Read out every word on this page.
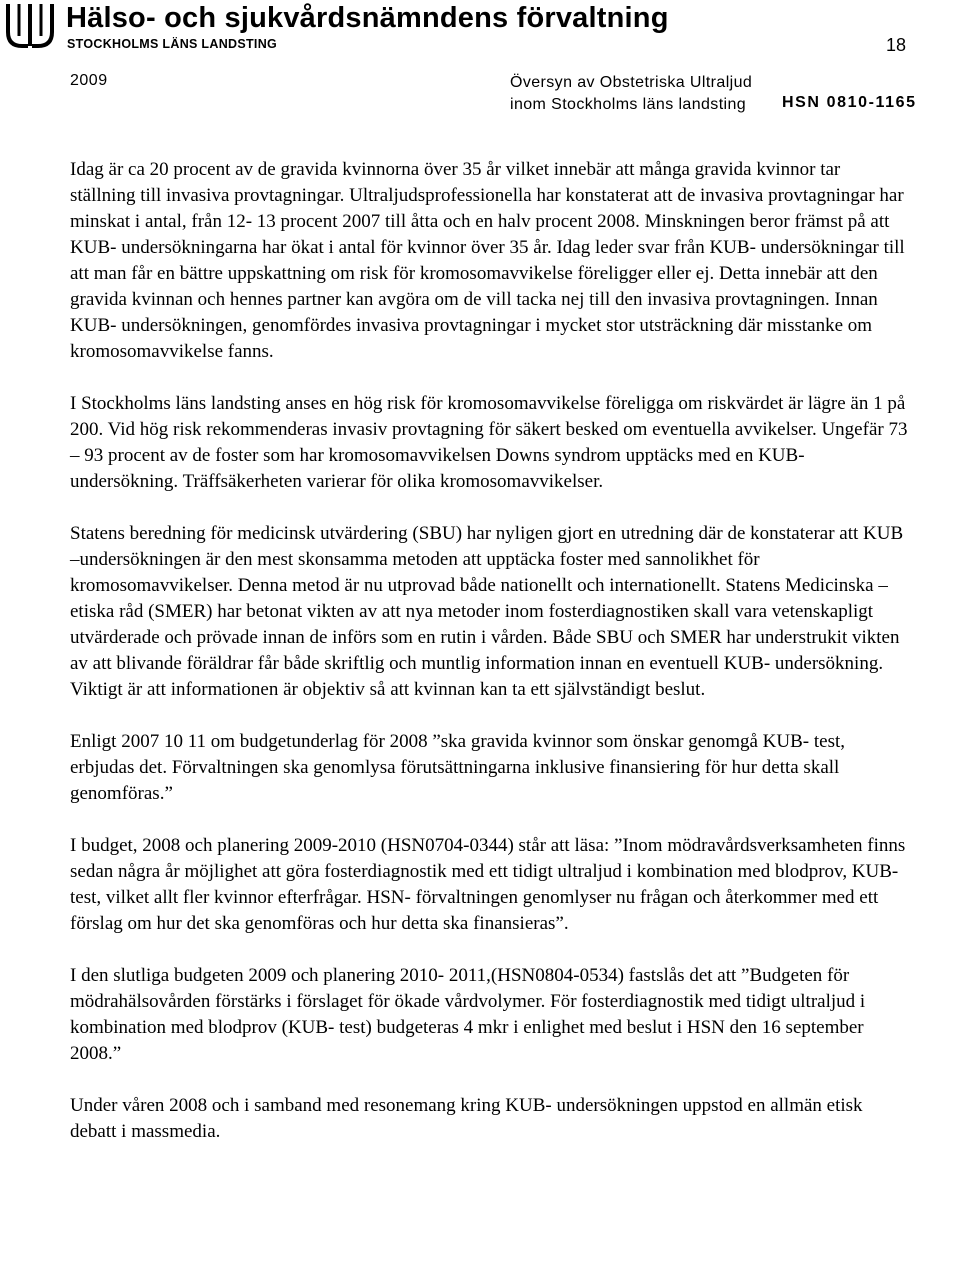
Hälso- och sjukvårdsnämndens förvaltning
STOCKHOLMS LÄNS LANDSTING	18
2009	Översyn av Obstetriska Ultraljud
inom Stockholms läns landsting	HSN 0810-1165

Idag är ca 20 procent av de gravida kvinnorna över 35 år vilket innebär att många gravida kvinnor tar ställning till invasiva provtagningar. Ultraljudsprofessionella har konstaterat att de invasiva provtagningar har minskat i antal, från 12- 13 procent 2007 till åtta och en halv procent 2008. Minskningen beror främst på att KUB- undersökningarna har ökat i antal för kvinnor över 35 år. Idag leder svar från KUB- undersökningar till att man får en bättre uppskattning om risk för kromosomavvikelse föreligger eller ej. Detta innebär att den gravida kvinnan och hennes partner kan avgöra om de vill tacka nej till den invasiva provtagningen. Innan KUB- undersökningen, genomfördes invasiva provtagningar i mycket stor utsträckning där misstanke om kromosomavvikelse fanns.

I Stockholms läns landsting anses en hög risk för kromosomavvikelse föreligga om riskvärdet är lägre än 1 på 200. Vid hög risk rekommenderas invasiv provtagning för säkert besked om eventuella avvikelser. Ungefär 73 – 93 procent av de foster som har kromosomavvikelsen Downs syndrom upptäcks med en KUB- undersökning. Träffsäkerheten varierar för olika kromosomavvikelser.

Statens beredning för medicinsk utvärdering (SBU) har nyligen gjort en utredning där de konstaterar att KUB –undersökningen är den mest skonsamma metoden att upptäcka foster med sannolikhet för kromosomavvikelser. Denna metod är nu utprovad både nationellt och internationellt. Statens Medicinska –etiska råd (SMER) har betonat vikten av att nya metoder inom fosterdiagnostiken skall vara vetenskapligt utvärderade och prövade innan de införs som en rutin i vården. Både SBU och SMER har understrukit vikten av att blivande föräldrar får både skriftlig och muntlig information innan en eventuell KUB- undersökning. Viktigt är att informationen är objektiv så att kvinnan kan ta ett självständigt beslut.

Enligt 2007 10 11 om budgetunderlag för 2008 ”ska gravida kvinnor som önskar genomgå KUB- test, erbjudas det. Förvaltningen ska genomlysa förutsättningarna inklusive finansiering för hur detta skall genomföras.”

I budget, 2008 och planering 2009-2010 (HSN0704-0344) står att läsa: ”Inom mödravårdsverksamheten finns sedan några år möjlighet att göra fosterdiagnostik med ett tidigt ultraljud i kombination med blodprov, KUB- test, vilket allt fler kvinnor efterfrågar. HSN- förvaltningen genomlyser nu frågan och återkommer med ett förslag om hur det ska genomföras och hur detta ska finansieras”.

I den slutliga budgeten 2009 och planering 2010- 2011,(HSN0804-0534) fastslås det att ”Budgeten för mödrahälsovården förstärks i förslaget för ökade vårdvolymer. För fosterdiagnostik med tidigt ultraljud i kombination med blodprov (KUB- test) budgeteras 4 mkr i enlighet med beslut i HSN den 16 september 2008.”

Under våren 2008 och i samband med resonemang kring KUB- undersökningen uppstod en allmän etisk debatt i massmedia.
